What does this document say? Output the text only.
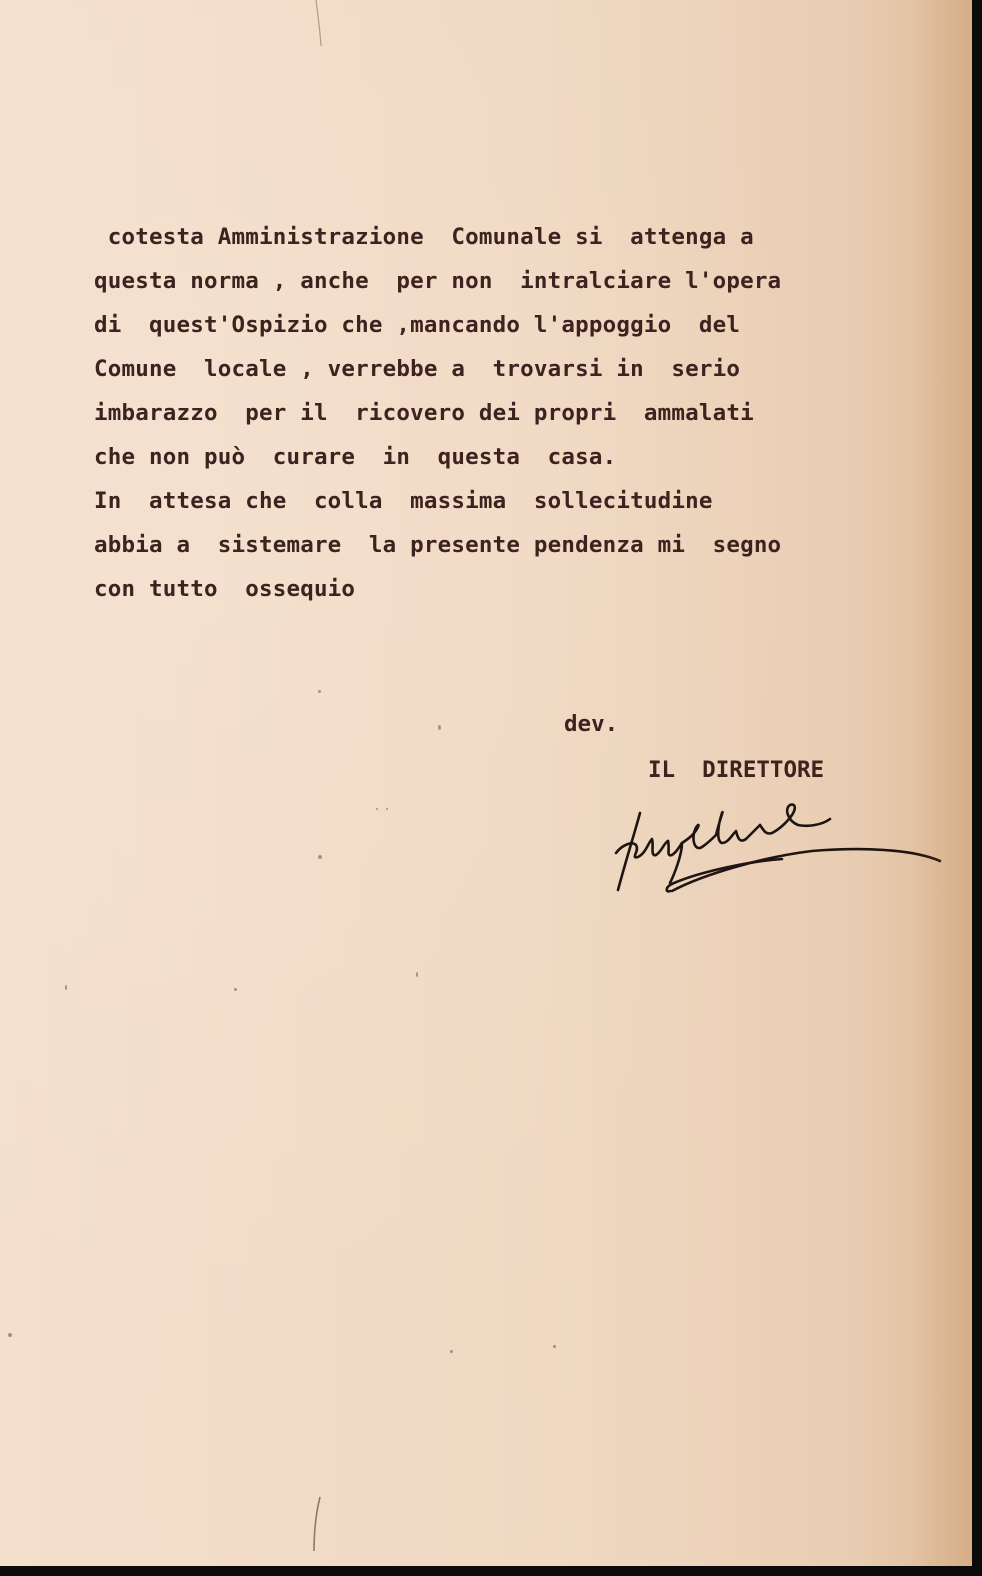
cotesta Amministrazione  Comunale si  attenga a
questa norma , anche  per non  intralciare l'opera
di  quest'Ospizio che ,mancando l'appoggio  del
Comune  locale , verrebbe a  trovarsi in  serio
imbarazzo  per il  ricovero dei propri  ammalati
che non può  curare  in  questa  casa.
In  attesa che  colla  massima  sollecitudine
abbia a  sistemare  la presente pendenza mi  segno
con tutto  ossequio
dev.
IL  DIRETTORE
